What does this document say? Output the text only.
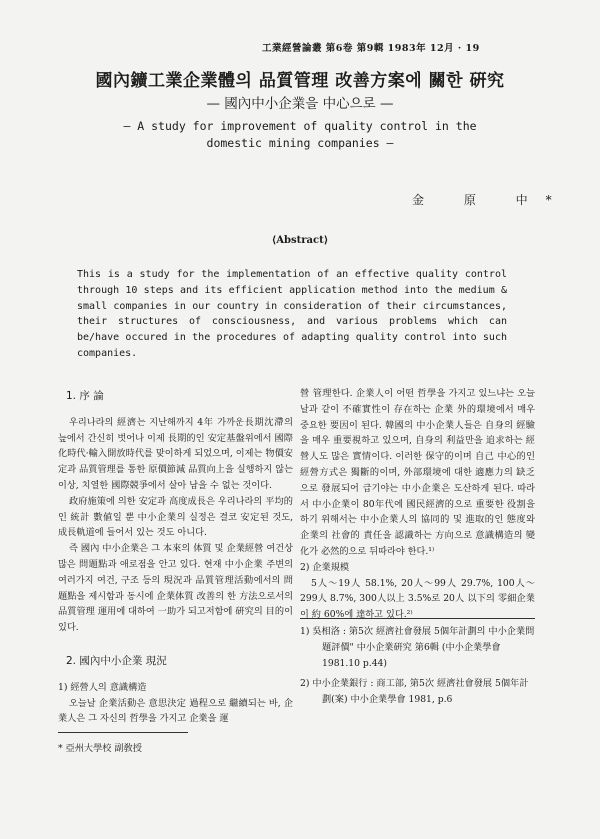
工業經營論叢 第6卷 第9輯 1983年 12月 · 19
國內鑛工業企業體의 品質管理 改善方案에 關한 硏究
— 國內中小企業을 中心으로 —
— A study for improvement of quality control in the
domestic mining companies —
金 原 中*
⟨Abstract⟩
This is a study for the implementation of an effective quality control through 10 steps and its efficient application method into the medium & small companies in our country in consideration of their circumstances, their structures of consciousness, and various problems which can be/have occured in the procedures of adapting quality control into such companies.
1. 序 論

우리나라의 經濟는 지난해까지 4年 가까운長期沈滯의 늪에서 간신히 벗어나 이제 長期的인 安定基盤위에서 國際化時代·輸入開放時代를 맞이하게 되었으며, 이제는 物價安定과 品質管理를 통한 原價節減 品質向上을 실행하지 않는 이상, 치열한 國際競爭에서 살아 남을 수 없는 것이다.

政府施策에 의한 安定과 高度成長은 우리나라의 平均的인 統計 數値일 뿐 中小企業의 실정은 결코 安定된 것도, 成長軌道에 들어서 있는 것도 아니다.

즉 國內 中小企業은 그 本來의 体質 및 企業經營 여건상 많은 問題點과 애로점을 안고 있다. 현재 中小企業 주변의 여러가지 여건, 구조 등의 現況과 品質管理活動에서의 問題點을 제시함과 동시에 企業体質 改善의 한 方法으로서의 品質管理 運用에 대하여 一助가 되고저함에 硏究의 目的이 있다.

2. 國內中小企業 現況

1) 經營人의 意識構造

오늘날 企業活動은 意思決定 過程으로 繼續되는 바, 企業人은 그 자신의 哲學을 가지고 企業을 運

營 管理한다. 企業人이 어떤 哲學을 가지고 있느냐는 오늘날과 같이 不確實性이 存在하는 企業 外的環境에서 매우 중요한 要因이 된다. 韓國의 中小企業人들은 自身의 經驗을 매우 重要視하고 있으며, 自身의 利益만을 追求하는 經營人도 많은 實情이다. 이러한 保守的이며 自己 中心的인 經營方式은 獨斷的이며, 外部環境에 대한 適應力의 缺乏으로 發展되어 급기야는 中小企業은 도산하게 된다. 따라서 中小企業이 80年代에 國民經濟的으로 重要한 役割을 하기 위해서는 中小企業人의 協同的 및 進取的인 態度와 企業의 社會的 責任을 認識하는 方向으로 意識構造의 變化가 必然的으로 뒤따라야 한다.¹⁾

2) 企業規模

5人～19人 58.1%, 20人～99人 29.7%, 100人～299人 8.7%, 300人以上 3.5%로 20人 以下의 零細企業이 約 60%에 達하고 있다.²⁾

1) 吳相洛 : 第5次 經濟社會發展 5個年計劃의 中小企業問題評價" 中小企業硏究 第6輯 (中小企業學會 1981.10 p.44)

2) 中小企業銀行 : 商工部, 第5次 經濟社會發展 5個年計劃(案) 中小企業學會 1981, p.6

* 亞州大學校 副敎授
